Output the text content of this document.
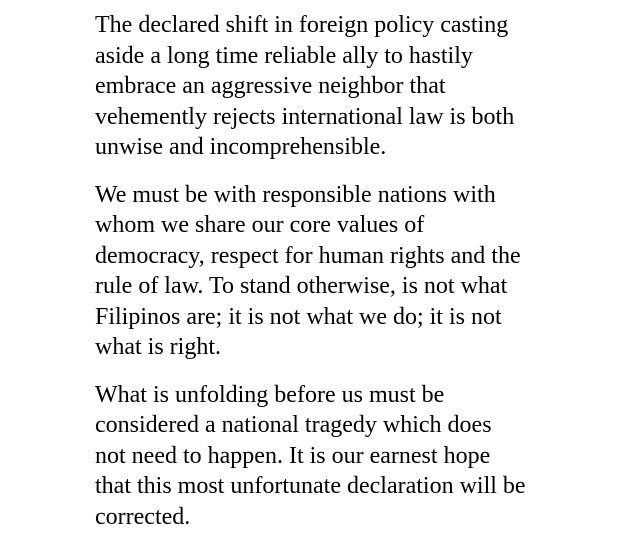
The declared shift in foreign policy casting
aside a long time reliable ally to hastily
embrace an aggressive neighbor that
vehemently rejects international law is both
unwise and incomprehensible.

We must be with responsible nations with
whom we share our core values of
democracy, respect for human rights and the
rule of law. To stand otherwise, is not what
Filipinos are; it is not what we do; it is not
what is right.

What is unfolding before us must be
considered a national tragedy which does
not need to happen. It is our earnest hope
that this most unfortunate declaration will be
corrected.
